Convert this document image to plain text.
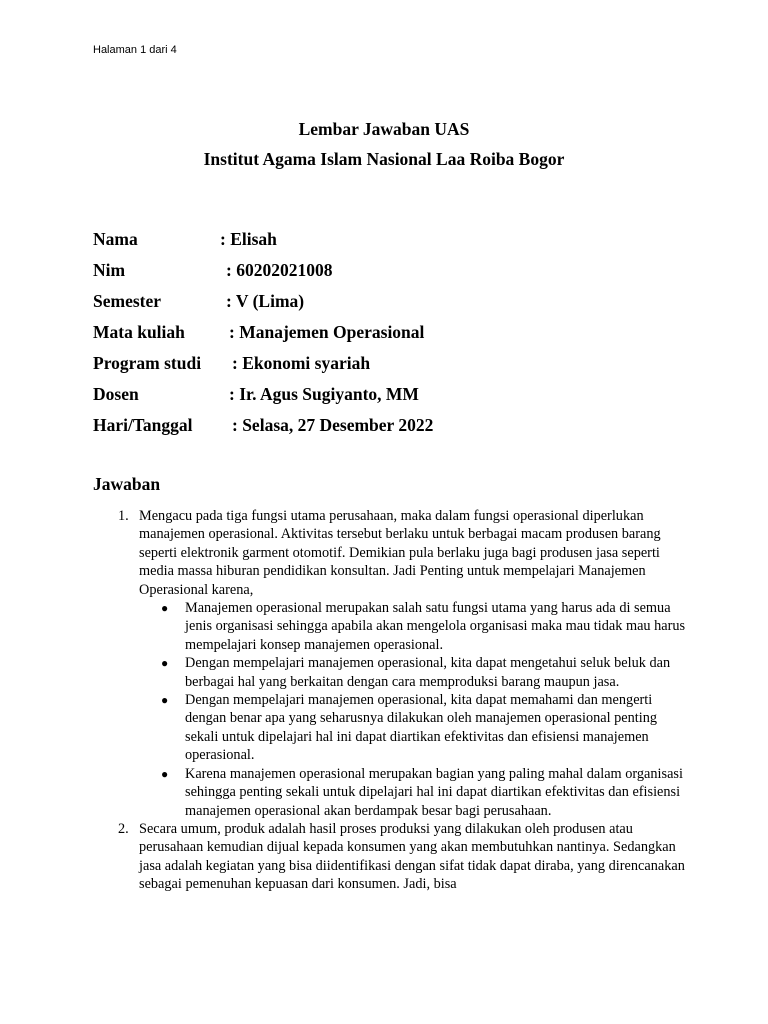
Halaman 1 dari 4
Lembar Jawaban UAS
Institut Agama Islam Nasional Laa Roiba Bogor
Nama	: Elisah
Nim	: 60202021008
Semester	: V (Lima)
Mata kuliah	: Manajemen Operasional
Program studi : Ekonomi syariah
Dosen	: Ir. Agus Sugiyanto, MM
Hari/Tanggal : Selasa, 27 Desember 2022
Jawaban
1. Mengacu pada tiga fungsi utama perusahaan, maka dalam fungsi operasional diperlukan manajemen operasional. Aktivitas tersebut berlaku untuk berbagai macam produsen barang seperti elektronik garment otomotif. Demikian pula berlaku juga bagi produsen jasa seperti media massa hiburan pendidikan konsultan. Jadi Penting untuk mempelajari Manajemen Operasional karena,
● Manajemen operasional merupakan salah satu fungsi utama yang harus ada di semua jenis organisasi sehingga apabila akan mengelola organisasi maka mau tidak mau harus mempelajari konsep manajemen operasional.
● Dengan mempelajari manajemen operasional, kita dapat mengetahui seluk beluk dan berbagai hal yang berkaitan dengan cara memproduksi barang maupun jasa.
● Dengan mempelajari manajemen operasional, kita dapat memahami dan mengerti dengan benar apa yang seharusnya dilakukan oleh manajemen operasional penting sekali untuk dipelajari hal ini dapat diartikan efektivitas dan efisiensi manajemen operasional.
● Karena manajemen operasional merupakan bagian yang paling mahal dalam organisasi sehingga penting sekali untuk dipelajari hal ini dapat diartikan efektivitas dan efisiensi manajemen operasional akan berdampak besar bagi perusahaan.
2. Secara umum, produk adalah hasil proses produksi yang dilakukan oleh produsen atau perusahaan kemudian dijual kepada konsumen yang akan membutuhkan nantinya. Sedangkan jasa adalah kegiatan yang bisa diidentifikasi dengan sifat tidak dapat diraba, yang direncanakan sebagai pemenuhan kepuasan dari konsumen. Jadi, bisa
